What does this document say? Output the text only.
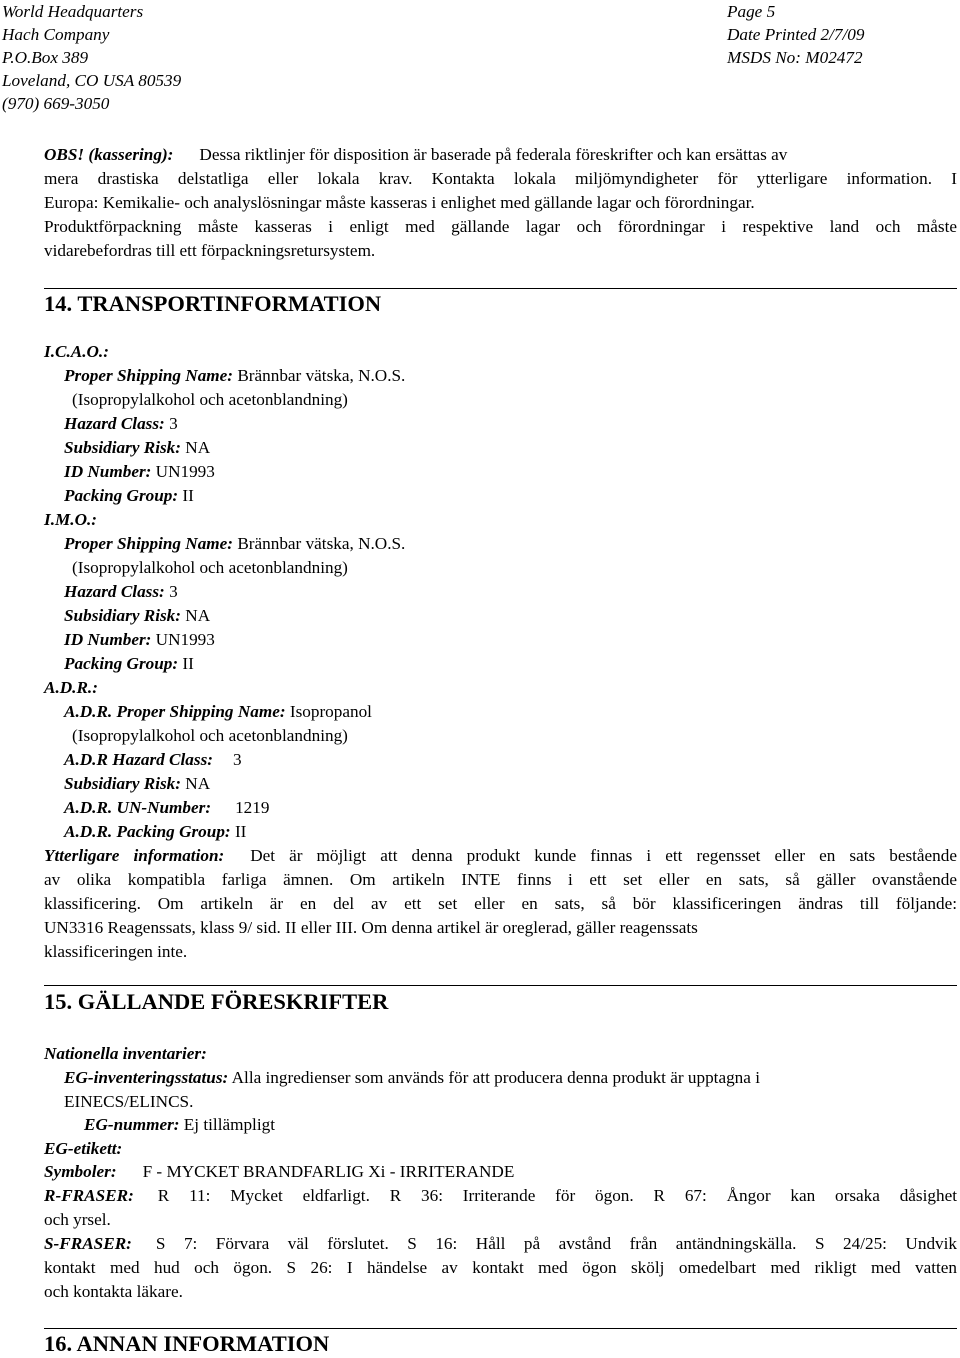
World Headquarters
Hach Company
P.O.Box 389
Loveland, CO USA 80539
(970) 669-3050
Page 5
Date Printed 2/7/09
MSDS No: M02472
OBS! (kassering): Dessa riktlinjer för disposition är baserade på federala föreskrifter och kan ersättas av
mera drastiska delstatliga eller lokala krav. Kontakta lokala miljömyndigheter för ytterligare information. I
Europa: Kemikalie- och analyslösningar måste kasseras i enlighet med gällande lagar och förordningar.
Produktförpackning måste kasseras i enligt med gällande lagar och förordningar i respektive land och måste
vidarebefordras till ett förpackningsretursystem.
14. TRANSPORTINFORMATION
I.C.A.O.:
Proper Shipping Name: Brännbar vätska, N.O.S.
(Isopropylalkohol och acetonblandning)
Hazard Class: 3
Subsidiary Risk: NA
ID Number: UN1993
Packing Group: II
I.M.O.:
Proper Shipping Name: Brännbar vätska, N.O.S.
(Isopropylalkohol och acetonblandning)
Hazard Class: 3
Subsidiary Risk: NA
ID Number: UN1993
Packing Group: II
A.D.R.:
A.D.R. Proper Shipping Name: Isopropanol
(Isopropylalkohol och acetonblandning)
A.D.R Hazard Class: 3
Subsidiary Risk: NA
A.D.R. UN-Number: 1219
A.D.R. Packing Group: II
Ytterligare information: Det är möjligt att denna produkt kunde finnas i ett regensset eller en sats bestående
av olika kompatibla farliga ämnen. Om artikeln INTE finns i ett set eller en sats, så gäller ovanstående
klassificering. Om artikeln är en del av ett set eller en sats, så bör klassificeringen ändras till följande:
UN3316 Reagenssats, klass 9/ sid. II eller III. Om denna artikel är oreglerad, gäller reagenssats
klassificeringen inte.
15. GÄLLANDE FÖRESKRIFTER
Nationella inventarier:
EG-inventeringsstatus: Alla ingredienser som används för att producera denna produkt är upptagna i
EINECS/ELINCS.
EG-nummer: Ej tillämpligt
EG-etikett:
Symboler: F - MYCKET BRANDFARLIG Xi - IRRITERANDE
R-FRASER: R 11: Mycket eldfarligt. R 36: Irriterande för ögon. R 67: Ångor kan orsaka dåsighet
och yrsel.
S-FRASER: S 7: Förvara väl förslutet. S 16: Håll på avstånd från antändningskälla. S 24/25: Undvik
kontakt med hud och ögon. S 26: I händelse av kontakt med ögon skölj omedelbart med rikligt med vatten
och kontakta läkare.
16. ANNAN INFORMATION
